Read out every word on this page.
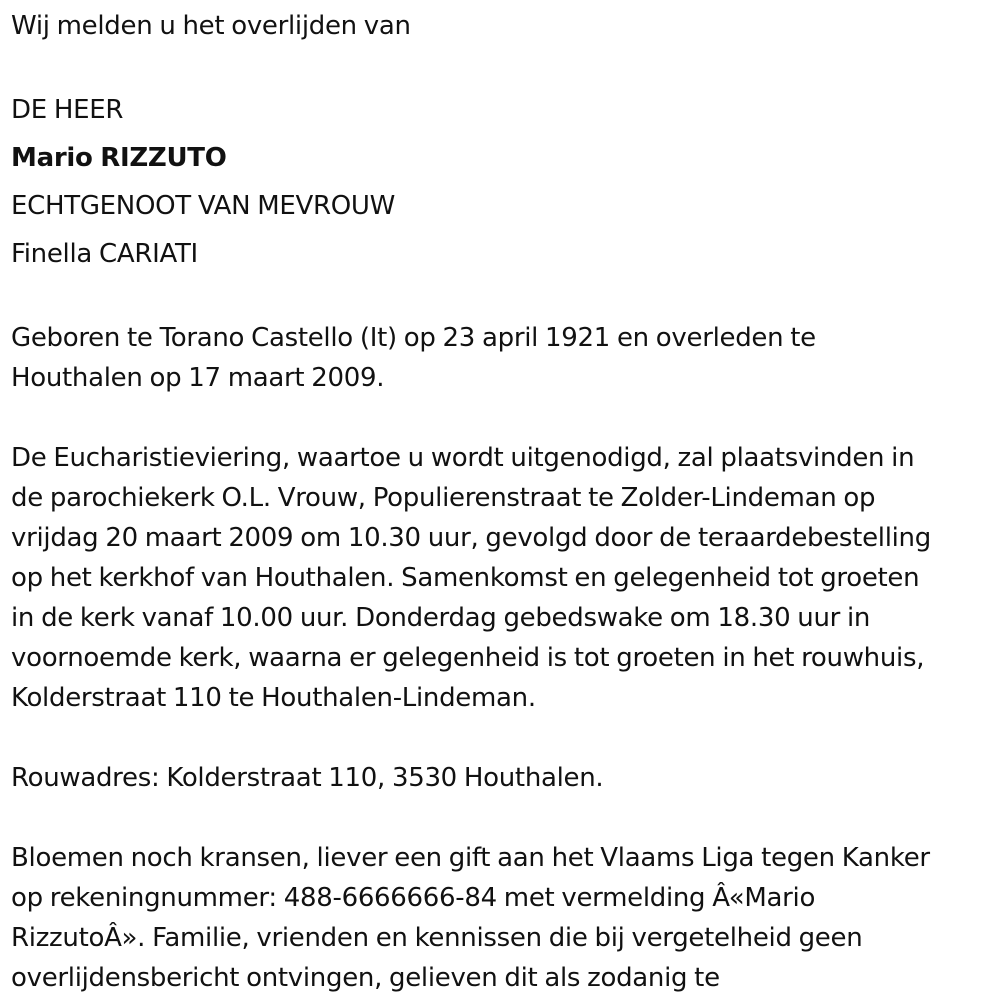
Wij melden u het overlijden van

DE HEER

Mario RIZZUTO

ECHTGENOOT VAN MEVROUW

Finella CARIATI

Geboren te Torano Castello (It) op 23 april 1921 en overleden te

Houthalen op 17 maart 2009.

De Eucharistieviering, waartoe u wordt uitgenodigd, zal plaatsvinden in

de parochiekerk O.L. Vrouw, Populierenstraat te Zolder-Lindeman op

vrijdag 20 maart 2009 om 10.30 uur, gevolgd door de teraardebestelling

op het kerkhof van Houthalen. Samenkomst en gelegenheid tot groeten

in de kerk vanaf 10.00 uur. Donderdag gebedswake om 18.30 uur in

voornoemde kerk, waarna er gelegenheid is tot groeten in het rouwhuis,

Kolderstraat 110 te Houthalen-Lindeman.

Rouwadres: Kolderstraat 110, 3530 Houthalen.

Bloemen noch kransen, liever een gift aan het Vlaams Liga tegen Kanker

op rekeningnummer: 488-6666666-84 met vermelding Â«Mario

RizzutoÂ». Familie, vrienden en kennissen die bij vergetelheid geen

overlijdensbericht ontvingen, gelieven dit als zodanig te
